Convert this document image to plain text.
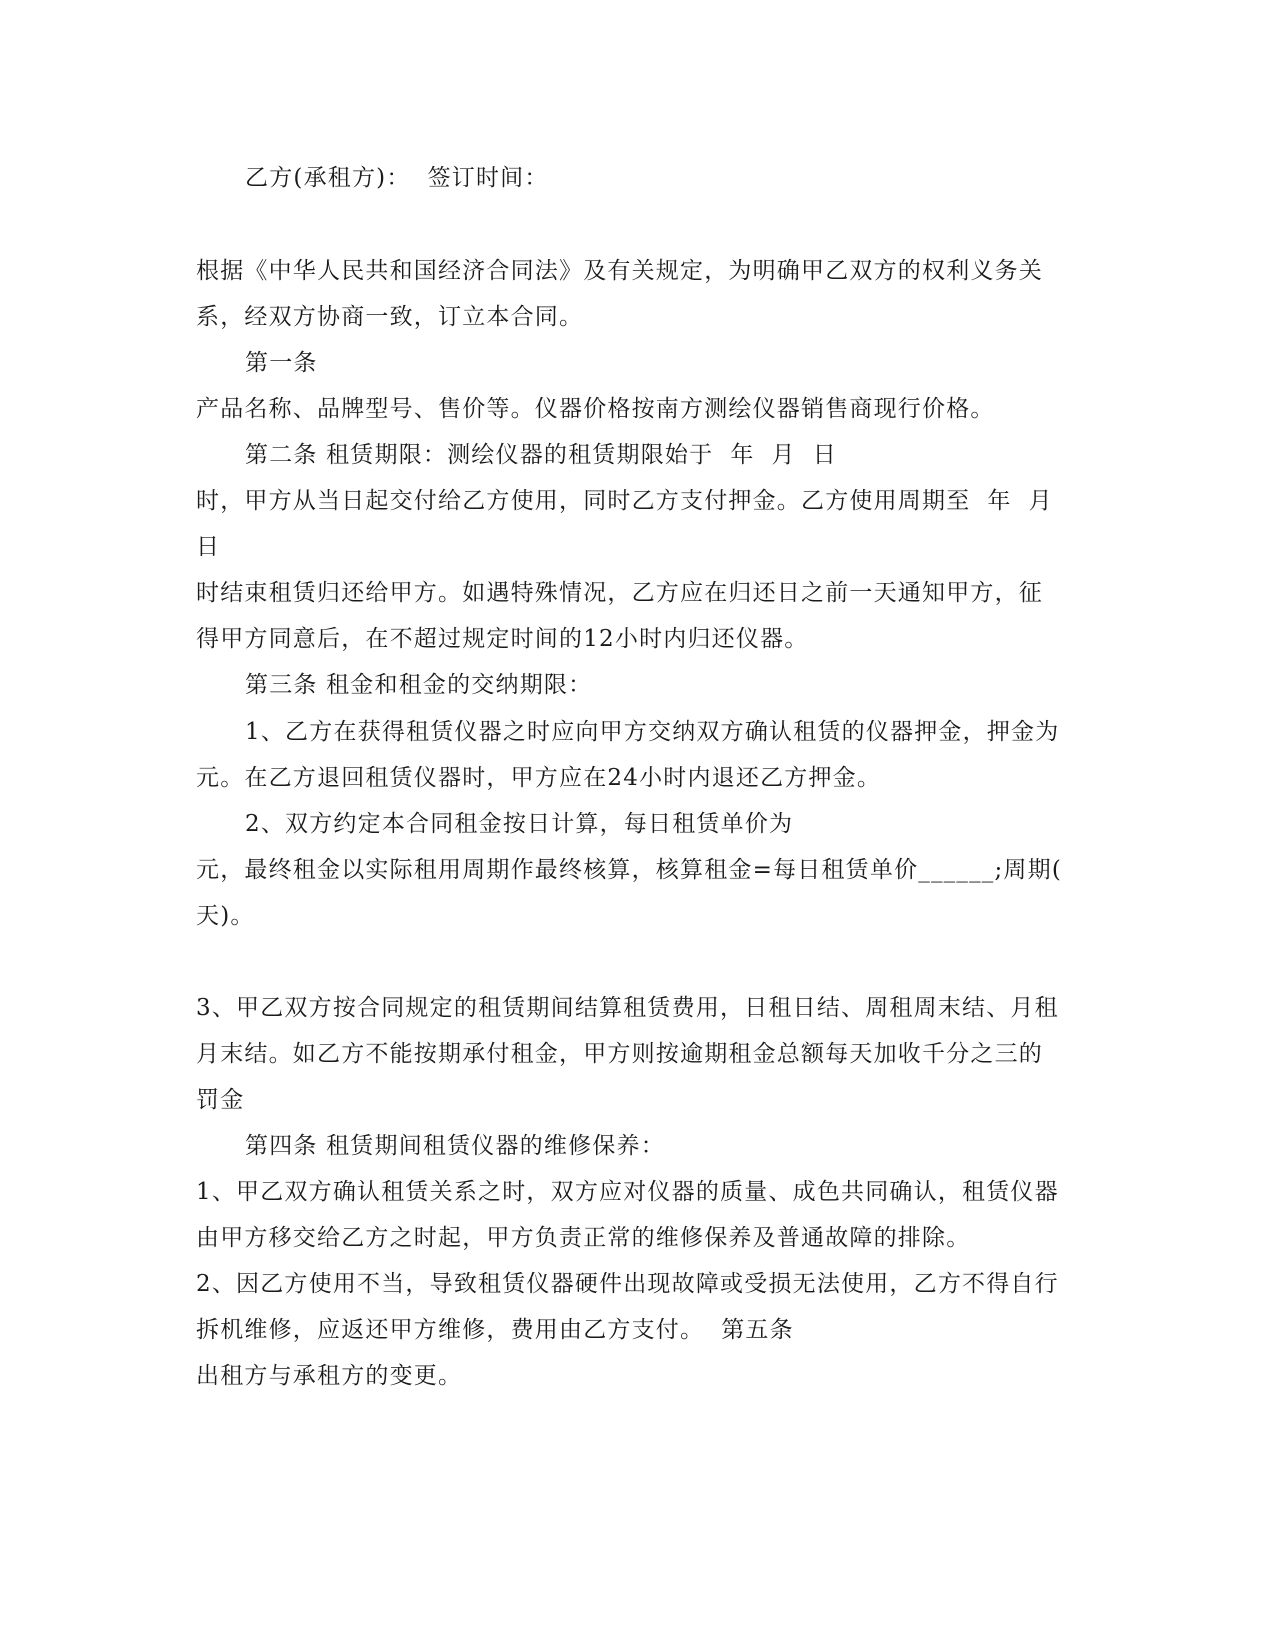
乙方(承租方)：  签订时间：
根据《中华人民共和国经济合同法》及有关规定，为明确甲乙双方的权利义务关
系，经双方协商一致，订立本合同。
第一条
产品名称、品牌型号、售价等。仪器价格按南方测绘仪器销售商现行价格。
第二条 租赁期限：测绘仪器的租赁期限始于  年  月  日
时，甲方从当日起交付给乙方使用，同时乙方支付押金。乙方使用周期至  年  月
日
时结束租赁归还给甲方。如遇特殊情况，乙方应在归还日之前一天通知甲方，征
得甲方同意后，在不超过规定时间的12小时内归还仪器。
第三条 租金和租金的交纳期限：
1、乙方在获得租赁仪器之时应向甲方交纳双方确认租赁的仪器押金，押金为
元。在乙方退回租赁仪器时，甲方应在24小时内退还乙方押金。
2、双方约定本合同租金按日计算，每日租赁单价为
元，最终租金以实际租用周期作最终核算，核算租金=每日租赁单价______;周期(
天)。
3、甲乙双方按合同规定的租赁期间结算租赁费用，日租日结、周租周末结、月租
月末结。如乙方不能按期承付租金，甲方则按逾期租金总额每天加收千分之三的
罚金
第四条 租赁期间租赁仪器的维修保养：
1、甲乙双方确认租赁关系之时，双方应对仪器的质量、成色共同确认，租赁仪器
由甲方移交给乙方之时起，甲方负责正常的维修保养及普通故障的排除。
2、因乙方使用不当，导致租赁仪器硬件出现故障或受损无法使用，乙方不得自行
拆机维修，应返还甲方维修，费用由乙方支付。  第五条
出租方与承租方的变更。
